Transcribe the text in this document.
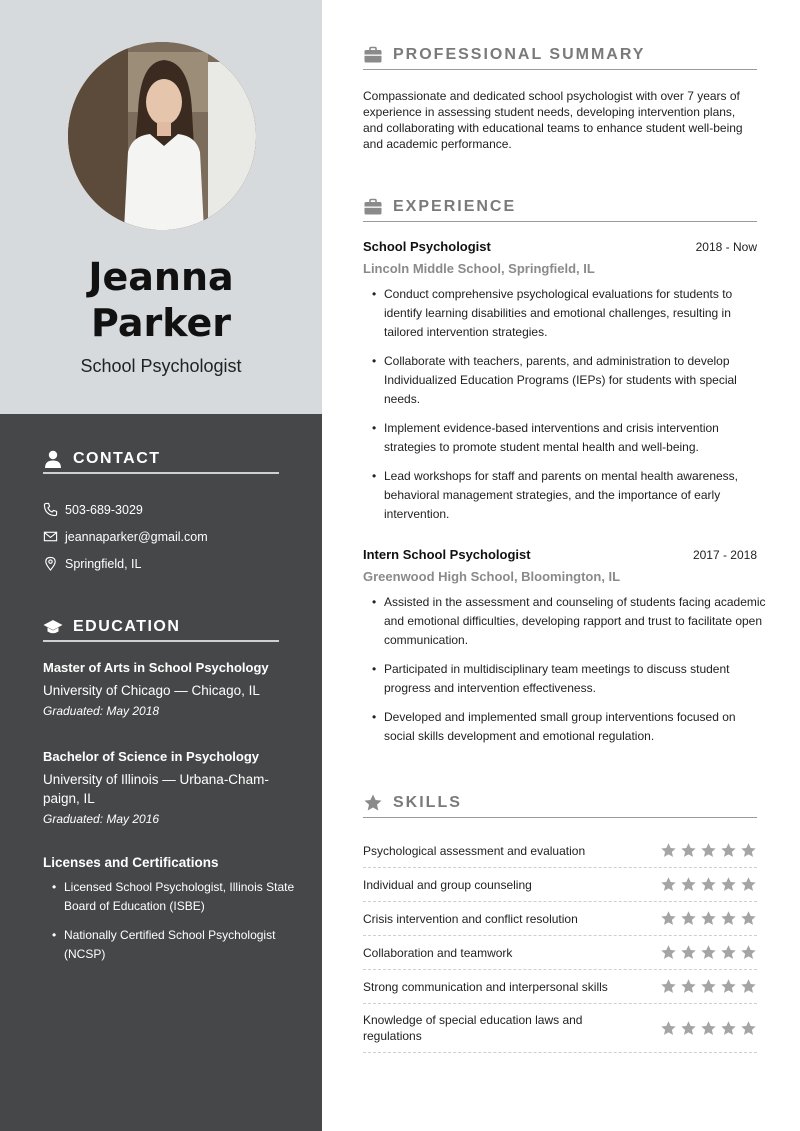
Jeanna
Parker
School Psychologist
CONTACT
503-689-3029
jeannaparker@gmail.com
Springfield, IL
EDUCATION
Master of Arts in School Psychology
University of Chicago — Chicago, IL
Graduated: May 2018
Bachelor of Science in Psychology
University of Illinois — Urbana-Cham-paign, IL
Graduated: May 2016
Licenses and Certifications
• Licensed School Psychologist, Illinois State Board of Education (ISBE)
• Nationally Certified School Psychologist (NCSP)
PROFESSIONAL SUMMARY

Compassionate and dedicated school psychologist with over 7 years of experience in assessing student needs, developing intervention plans, and collaborating with educational teams to enhance student well-being and academic performance.

EXPERIENCE
School Psychologist	2018 - Now
Lincoln Middle School, Springfield, IL
• Conduct comprehensive psychological evaluations for students to identify learning disabilities and emotional challenges, resulting in tailored intervention strategies.
• Collaborate with teachers, parents, and administration to develop Individualized Education Programs (IEPs) for students with special needs.
• Implement evidence-based interventions and crisis intervention strategies to promote student mental health and well-being.
• Lead workshops for staff and parents on mental health awareness, behavioral management strategies, and the importance of early intervention.
Intern School Psychologist	2017 - 2018
Greenwood High School, Bloomington, IL
• Assisted in the assessment and counseling of students facing academic and emotional difficulties, developing rapport and trust to facilitate open communication.
• Participated in multidisciplinary team meetings to discuss student progress and intervention effectiveness.
• Developed and implemented small group interventions focused on social skills development and emotional regulation.
SKILLS
Psychological assessment and evaluation
Individual and group counseling
Crisis intervention and conflict resolution
Collaboration and teamwork
Strong communication and interpersonal skills
Knowledge of special education laws and regulations
